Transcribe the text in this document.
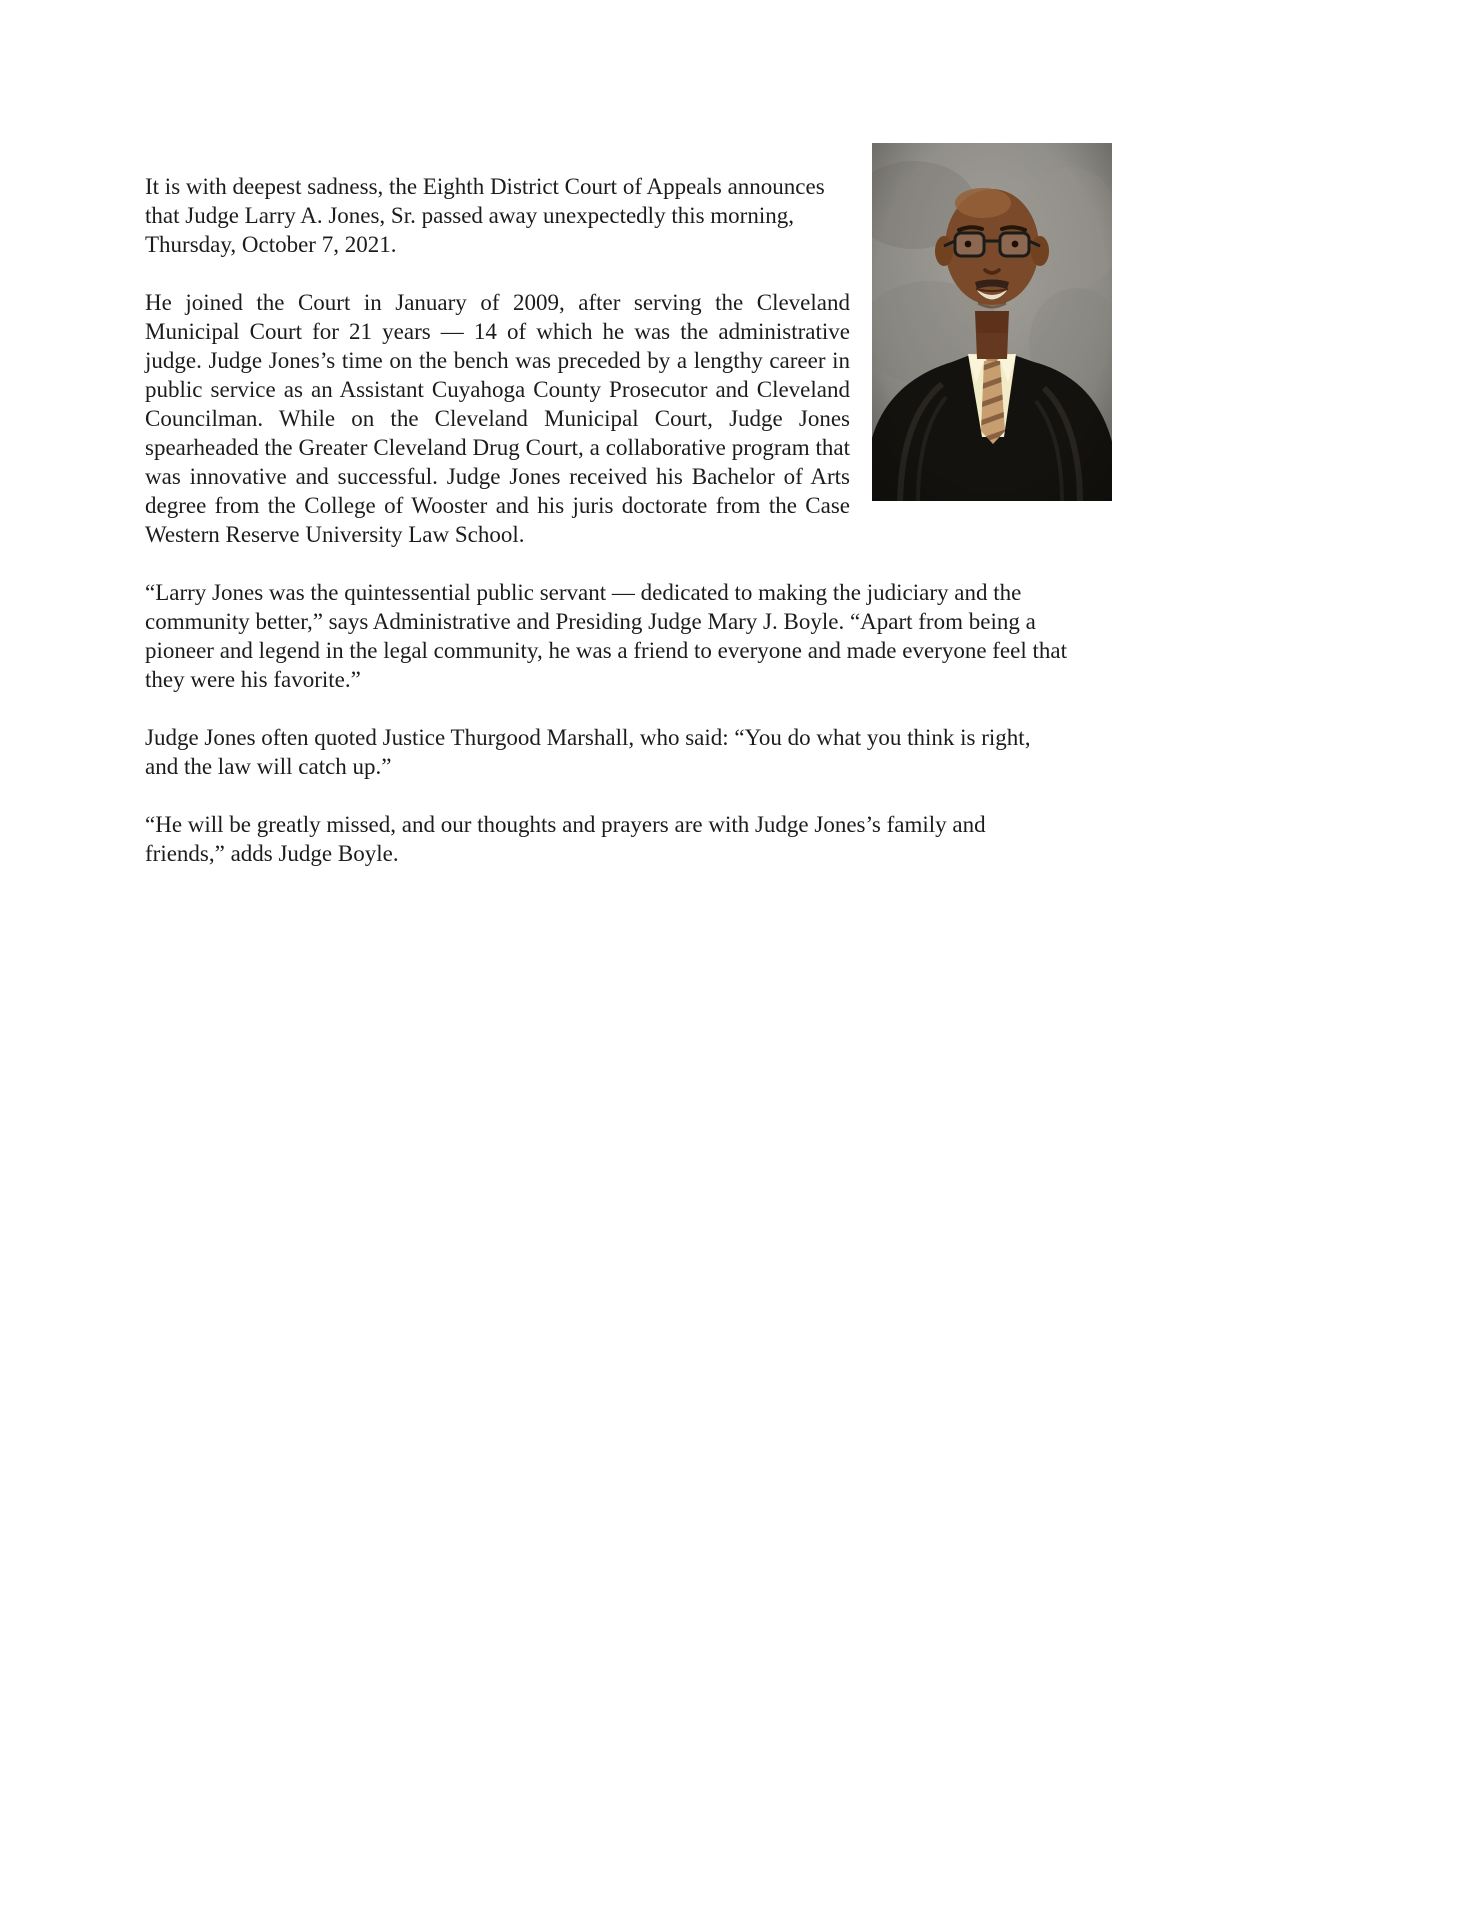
It is with deepest sadness, the Eighth District Court of Appeals announces that Judge Larry A. Jones, Sr. passed away unexpectedly this morning, Thursday, October 7, 2021.

He joined the Court in January of 2009, after serving the Cleveland Municipal Court for 21 years — 14 of which he was the administrative judge. Judge Jones’s time on the bench was preceded by a lengthy career in public service as an Assistant Cuyahoga County Prosecutor and Cleveland Councilman. While on the Cleveland Municipal Court, Judge Jones spearheaded the Greater Cleveland Drug Court, a collaborative program that was innovative and successful. Judge Jones received his Bachelor of Arts degree from the College of Wooster and his juris doctorate from the Case Western Reserve University Law School.

“Larry Jones was the quintessential public servant — dedicated to making the judiciary and the community better,” says Administrative and Presiding Judge Mary J. Boyle. “Apart from being a pioneer and legend in the legal community, he was a friend to everyone and made everyone feel that they were his favorite.”

Judge Jones often quoted Justice Thurgood Marshall, who said: “You do what you think is right, and the law will catch up.”

“He will be greatly missed, and our thoughts and prayers are with Judge Jones’s family and friends,” adds Judge Boyle.
